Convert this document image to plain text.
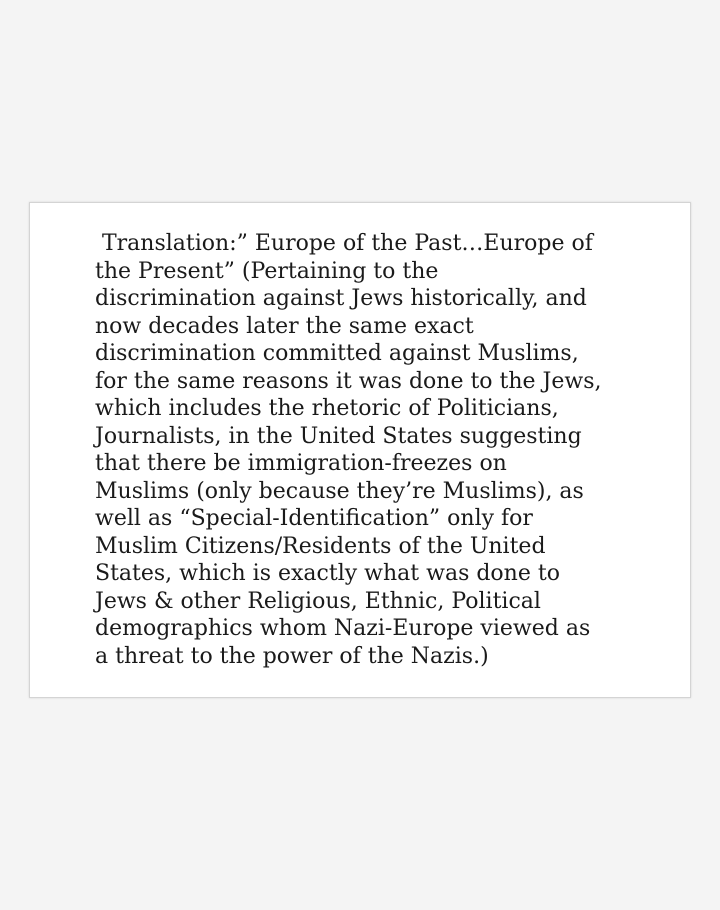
Translation:” Europe of the Past…Europe of
the Present” (Pertaining to the
discrimination against Jews historically, and
now decades later the same exact
discrimination committed against Muslims,
for the same reasons it was done to the Jews,
which includes the rhetoric of Politicians,
Journalists, in the United States suggesting
that there be immigration-freezes on
Muslims (only because they’re Muslims), as
well as “Special-Identification” only for
Muslim Citizens/Residents of the United
States, which is exactly what was done to
Jews & other Religious, Ethnic, Political
demographics whom Nazi-Europe viewed as
a threat to the power of the Nazis.)
